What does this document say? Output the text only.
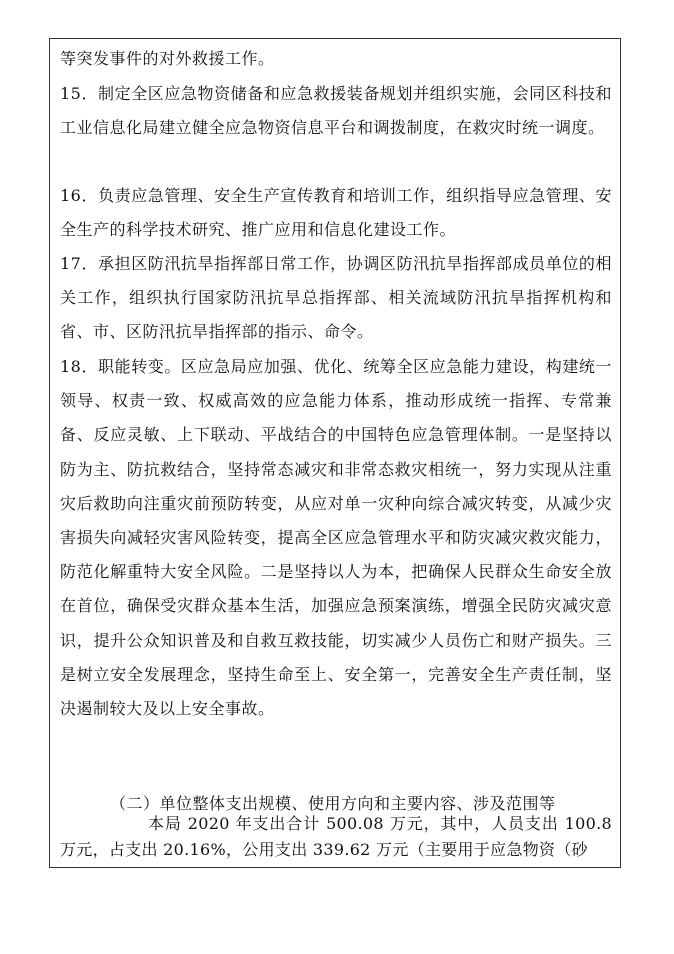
等突发事件的对外救援工作。

15．制定全区应急物资储备和应急救援装备规划并组织实施，会同区科技和工业信息化局建立健全应急物资信息平台和调拨制度，在救灾时统一调度。

16．负责应急管理、安全生产宣传教育和培训工作，组织指导应急管理、安全生产的科学技术研究、推广应用和信息化建设工作。

17．承担区防汛抗旱指挥部日常工作，协调区防汛抗旱指挥部成员单位的相关工作，组织执行国家防汛抗旱总指挥部、相关流域防汛抗旱指挥机构和省、市、区防汛抗旱指挥部的指示、命令。

18．职能转变。区应急局应加强、优化、统筹全区应急能力建设，构建统一领导、权责一致、权威高效的应急能力体系，推动形成统一指挥、专常兼备、反应灵敏、上下联动、平战结合的中国特色应急管理体制。一是坚持以防为主、防抗救结合，坚持常态减灾和非常态救灾相统一，努力实现从注重灾后救助向注重灾前预防转变，从应对单一灾种向综合减灾转变，从减少灾害损失向减轻灾害风险转变，提高全区应急管理水平和防灾减灾救灾能力，防范化解重特大安全风险。二是坚持以人为本，把确保人民群众生命安全放在首位，确保受灾群众基本生活，加强应急预案演练，增强全民防灾减灾意识，提升公众知识普及和自救互救技能，切实减少人员伤亡和财产损失。三是树立安全发展理念，坚持生命至上、安全第一，完善安全生产责任制，坚决遏制较大及以上安全事故。

（二）单位整体支出规模、使用方向和主要内容、涉及范围等

本局 2020 年支出合计 500.08 万元，其中，人员支出 100.8 万元，占支出 20.16%，公用支出 339.62 万元（主要用于应急物资（砂
